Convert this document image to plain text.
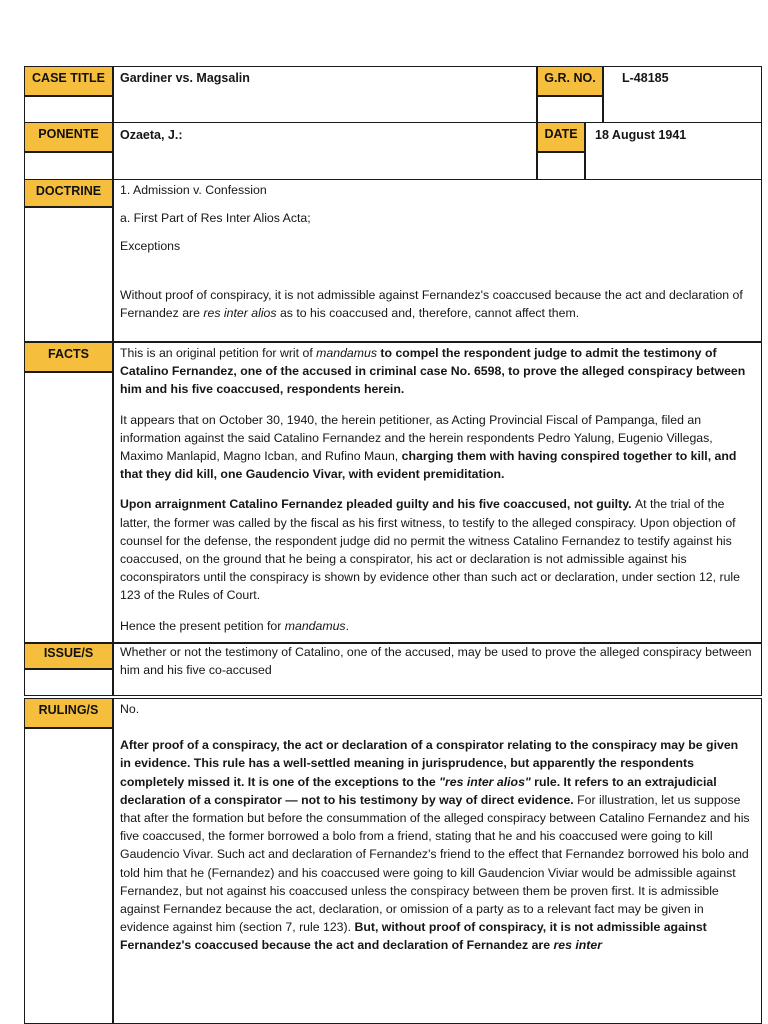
CASE TITLE	Gardiner vs. Magsalin	G.R. NO.	L-48185
PONENTE	Ozaeta, J.:	DATE	18 August 1941
DOCTRINE	1. Admission v. Confession

a. First Part of Res Inter Alios Acta;

Exceptions

Without proof of conspiracy, it is not admissible against Fernandez's coaccused because the act and declaration of Fernandez are res inter alios as to his coaccused and, therefore, cannot affect them.

FACTS	This is an original petition for writ of mandamus to compel the respondent judge to admit the testimony of Catalino Fernandez, one of the accused in criminal case No. 6598, to prove the alleged conspiracy between him and his five coaccused, respondents herein.

It appears that on October 30, 1940, the herein petitioner, as Acting Provincial Fiscal of Pampanga, filed an information against the said Catalino Fernandez and the herein respondents Pedro Yalung, Eugenio Villegas, Maximo Manlapid, Magno Icban, and Rufino Maun, charging them with having conspired together to kill, and that they did kill, one Gaudencio Vivar, with evident premiditation.

Upon arraignment Catalino Fernandez pleaded guilty and his five coaccused, not guilty. At the trial of the latter, the former was called by the fiscal as his first witness, to testify to the alleged conspiracy. Upon objection of counsel for the defense, the respondent judge did no permit the witness Catalino Fernandez to testify against his coaccused, on the ground that he being a conspirator, his act or declaration is not admissible against his coconspirators until the conspiracy is shown by evidence other than such act or declaration, under section 12, rule 123 of the Rules of Court.

Hence the present petition for mandamus.

ISSUE/S	Whether or not the testimony of Catalino, one of the accused, may be used to prove the alleged conspiracy between him and his five co-accused
RULING/S	No.

After proof of a conspiracy, the act or declaration of a conspirator relating to the conspiracy may be given in evidence. This rule has a well-settled meaning in jurisprudence, but apparently the respondents completely missed it. It is one of the exceptions to the "res inter alios" rule. It refers to an extrajudicial declaration of a conspirator — not to his testimony by way of direct evidence. For illustration, let us suppose that after the formation but before the consummation of the alleged conspiracy between Catalino Fernandez and his five coaccused, the former borrowed a bolo from a friend, stating that he and his coaccused were going to kill Gaudencio Vivar. Such act and declaration of Fernandez's friend to the effect that Fernandez borrowed his bolo and told him that he (Fernandez) and his coaccused were going to kill Gaudencion Viviar would be admissible against Fernandez, but not against his coaccused unless the conspiracy between them be proven first. It is admissible against Fernandez because the act, declaration, or omission of a party as to a relevant fact may be given in evidence against him (section 7, rule 123). But, without proof of conspiracy, it is not admissible against Fernandez's coaccused because the act and declaration of Fernandez are res inter
